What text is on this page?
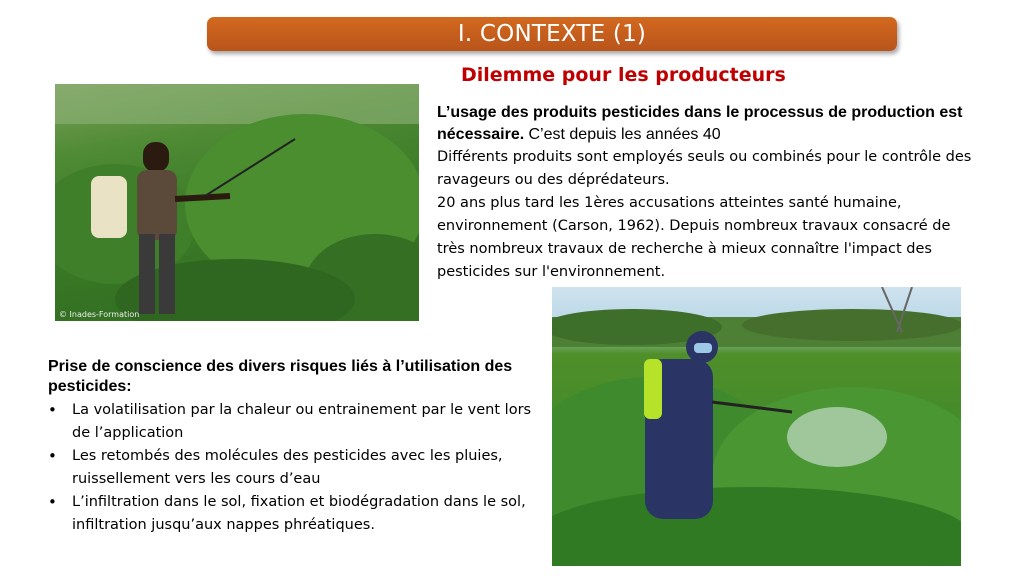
I. CONTEXTE (1)
Dilemme pour les producteurs

L’usage des produits pesticides dans le processus de production est nécessaire. C’est depuis les années 40

Différents produits sont employés seuls ou combinés pour le contrôle des ravageurs ou des déprédateurs.

20 ans plus tard les 1ères accusations atteintes santé humaine, environnement (Carson, 1962). Depuis nombreux travaux consacré de très nombreux travaux de recherche à mieux connaître l'impact des pesticides sur l'environnement.

© Inades-Formation
Prise de conscience des divers risques liés à l’utilisation des pesticides:
• La volatilisation par la chaleur ou entrainement par le vent lors de l’application
• Les retombés des molécules des pesticides avec les pluies, ruissellement vers les cours d’eau
• L’infiltration dans le sol, fixation et biodégradation dans le sol, infiltration jusqu’aux nappes phréatiques.
